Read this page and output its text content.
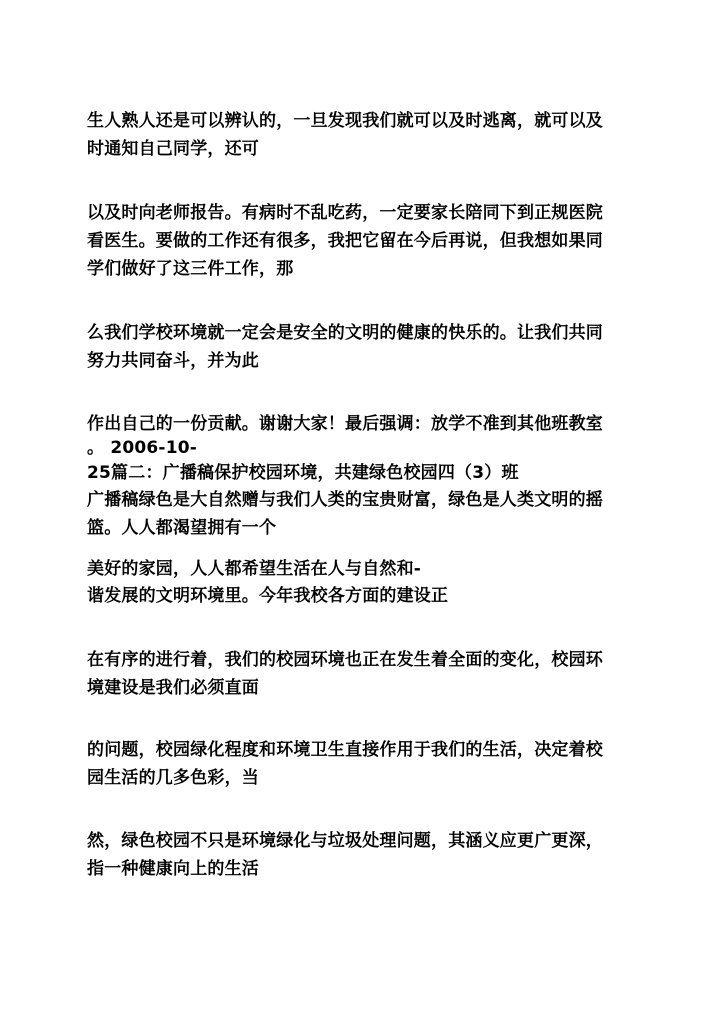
生人熟人还是可以辨认的，一旦发现我们就可以及时逃离，就可以及
时通知自己同学，还可
以及时向老师报告。有病时不乱吃药，一定要家长陪同下到正规医院
看医生。要做的工作还有很多，我把它留在今后再说，但我想如果同
学们做好了这三件工作，那
么我们学校环境就一定会是安全的文明的健康的快乐的。让我们共同
努力共同奋斗，并为此
作出自己的一份贡献。谢谢大家！最后强调：放学不准到其他班教室
。 2006-10-
25篇二：广播稿保护校园环境，共建绿色校园四（3）班
广播稿绿色是大自然赠与我们人类的宝贵财富，绿色是人类文明的摇
篮。人人都渴望拥有一个
美好的家园，人人都希望生活在人与自然和-
谐发展的文明环境里。今年我校各方面的建设正
在有序的进行着，我们的校园环境也正在发生着全面的变化，校园环
境建设是我们必须直面
的问题，校园绿化程度和环境卫生直接作用于我们的生活，决定着校
园生活的几多色彩，当
然，绿色校园不只是环境绿化与垃圾处理问题，其涵义应更广更深，
指一种健康向上的生活
